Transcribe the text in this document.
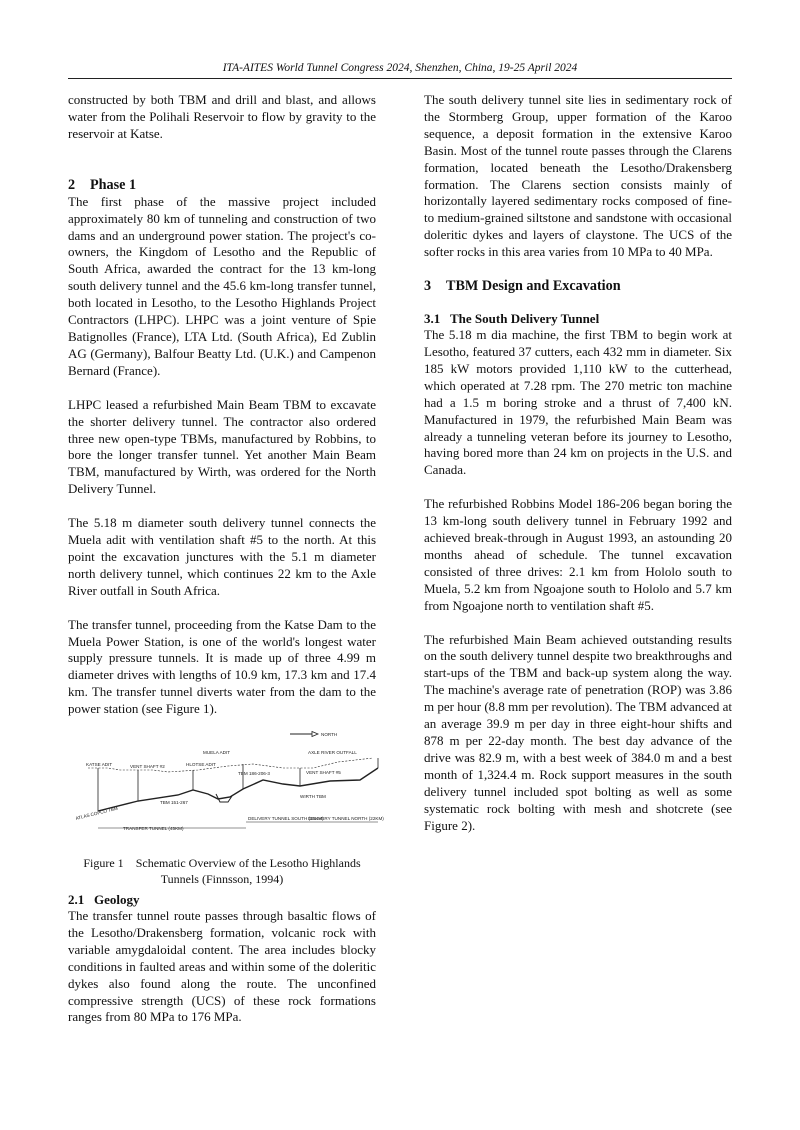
ITA-AITES World Tunnel Congress 2024, Shenzhen, China, 19-25 April 2024

constructed by both TBM and drill and blast, and allows water from the Polihali Reservoir to flow by gravity to the reservoir at Katse.

2 Phase 1

The first phase of the massive project included approximately 80 km of tunneling and construction of two dams and an underground power station. The project's co-owners, the Kingdom of Lesotho and the Republic of South Africa, awarded the contract for the 13 km-long south delivery tunnel and the 45.6 km-long transfer tunnel, both located in Lesotho, to the Lesotho Highlands Project Contractors (LHPC). LHPC was a joint venture of Spie Batignolles (France), LTA Ltd. (South Africa), Ed Zublin AG (Germany), Balfour Beatty Ltd. (U.K.) and Campenon Bernard (France).

LHPC leased a refurbished Main Beam TBM to excavate the shorter delivery tunnel. The contractor also ordered three new open-type TBMs, manufactured by Robbins, to bore the longer transfer tunnel. Yet another Main Beam TBM, manufactured by Wirth, was ordered for the North Delivery Tunnel.

The 5.18 m diameter south delivery tunnel connects the Muela adit with ventilation shaft #5 to the north. At this point the excavation junctures with the 5.1 m diameter north delivery tunnel, which continues 22 km to the Axle River outfall in South Africa.

The transfer tunnel, proceeding from the Katse Dam to the Muela Power Station, is one of the world's longest water supply pressure tunnels. It is made up of three 4.99 m diameter drives with lengths of 10.9 km, 17.3 km and 17.4 km. The transfer tunnel diverts water from the dam to the power station (see Figure 1).

NORTH
KATSE ADIT	VENT SHAFT #2
MUELA ADIT
HLOTSE ADIT
AXLE RIVER OUTFALL
VENT SHAFT #5
TBM 186-206-3
TBM 151-267
ATLAS COPCO TBM
WIRTH TBM
TRANSFER TUNNEL (45KM)
DELIVERY TUNNEL SOUTH (15KM)
DELIVERY TUNNEL NORTH (22KM)
Figure 1 Schematic Overview of the Lesotho Highlands Tunnels (Finnsson, 1994)
2.1 Geology

The transfer tunnel route passes through basaltic flows of the Lesotho/Drakensberg formation, volcanic rock with variable amygdaloidal content. The area includes blocky conditions in faulted areas and within some of the doleritic dykes also found along the route. The unconfined compressive strength (UCS) of these rock formations ranges from 80 MPa to 176 MPa.

The south delivery tunnel site lies in sedimentary rock of the Stormberg Group, upper formation of the Karoo sequence, a deposit formation in the extensive Karoo Basin. Most of the tunnel route passes through the Clarens formation, located beneath the Lesotho/Drakensberg formation. The Clarens section consists mainly of horizontally layered sedimentary rocks composed of fine- to medium-grained siltstone and sandstone with occasional doleritic dykes and layers of claystone. The UCS of the softer rocks in this area varies from 10 MPa to 40 MPa.

3 TBM Design and Excavation
3.1 The South Delivery Tunnel

The 5.18 m dia machine, the first TBM to begin work at Lesotho, featured 37 cutters, each 432 mm in diameter. Six 185 kW motors provided 1,110 kW to the cutterhead, which operated at 7.28 rpm. The 270 metric ton machine had a 1.5 m boring stroke and a thrust of 7,400 kN. Manufactured in 1979, the refurbished Main Beam was already a tunneling veteran before its journey to Lesotho, having bored more than 24 km on projects in the U.S. and Canada.

The refurbished Robbins Model 186-206 began boring the 13 km-long south delivery tunnel in February 1992 and achieved break-through in August 1993, an astounding 20 months ahead of schedule. The tunnel excavation consisted of three drives: 2.1 km from Hololo south to Muela, 5.2 km from Ngoajone south to Hololo and 5.7 km from Ngoajone north to ventilation shaft #5.

The refurbished Main Beam achieved outstanding results on the south delivery tunnel despite two breakthroughs and start-ups of the TBM and back-up system along the way. The machine's average rate of penetration (ROP) was 3.86 m per hour (8.8 mm per revolution). The TBM advanced at an average 39.9 m per day in three eight-hour shifts and 878 m per 22-day month. The best day advance of the drive was 82.9 m, with a best week of 384.0 m and a best month of 1,324.4 m. Rock support measures in the south delivery tunnel included spot bolting as well as some systematic rock bolting with mesh and shotcrete (see Figure 2).
